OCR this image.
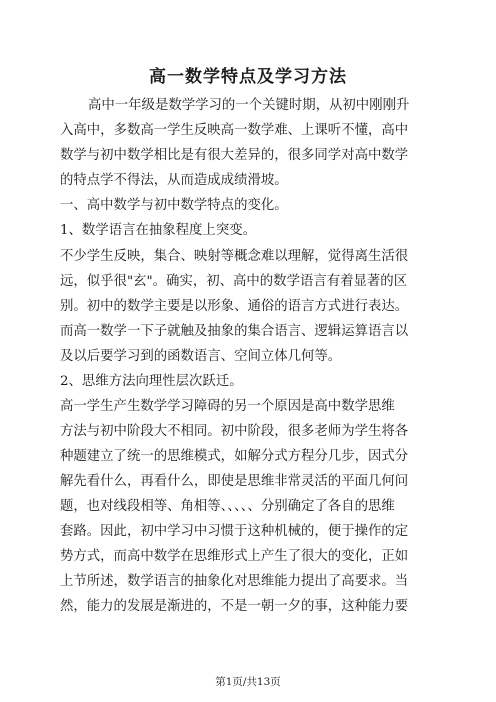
高一数学特点及学习方法
高中一年级是数学学习的一个关键时期，从初中刚刚升
入高中，多数高一学生反映高一数学难、上课听不懂，高中
数学与初中数学相比是有很大差异的，很多同学对高中数学
的特点学不得法，从而造成成绩滑坡。
一、高中数学与初中数学特点的变化。
1、数学语言在抽象程度上突变。
不少学生反映，集合、映射等概念难以理解，觉得离生活很
远，似乎很"玄"。确实，初、高中的数学语言有着显著的区
别。初中的数学主要是以形象、通俗的语言方式进行表达。
而高一数学一下子就触及抽象的集合语言、逻辑运算语言以
及以后要学习到的函数语言、空间立体几何等。
2、思维方法向理性层次跃迁。
高一学生产生数学学习障碍的另一个原因是高中数学思维
方法与初中阶段大不相同。初中阶段，很多老师为学生将各
种题建立了统一的思维模式，如解分式方程分几步，因式分
解先看什么，再看什么，即使是思维非常灵活的平面几何问
题，也对线段相等、角相等、、、、、分别确定了各自的思维
套路。因此，初中学习中习惯于这种机械的，便于操作的定
势方式，而高中数学在思维形式上产生了很大的变化，正如
上节所述，数学语言的抽象化对思维能力提出了高要求。当
然，能力的发展是渐进的，不是一朝一夕的事，这种能力要
第1页/共13页
